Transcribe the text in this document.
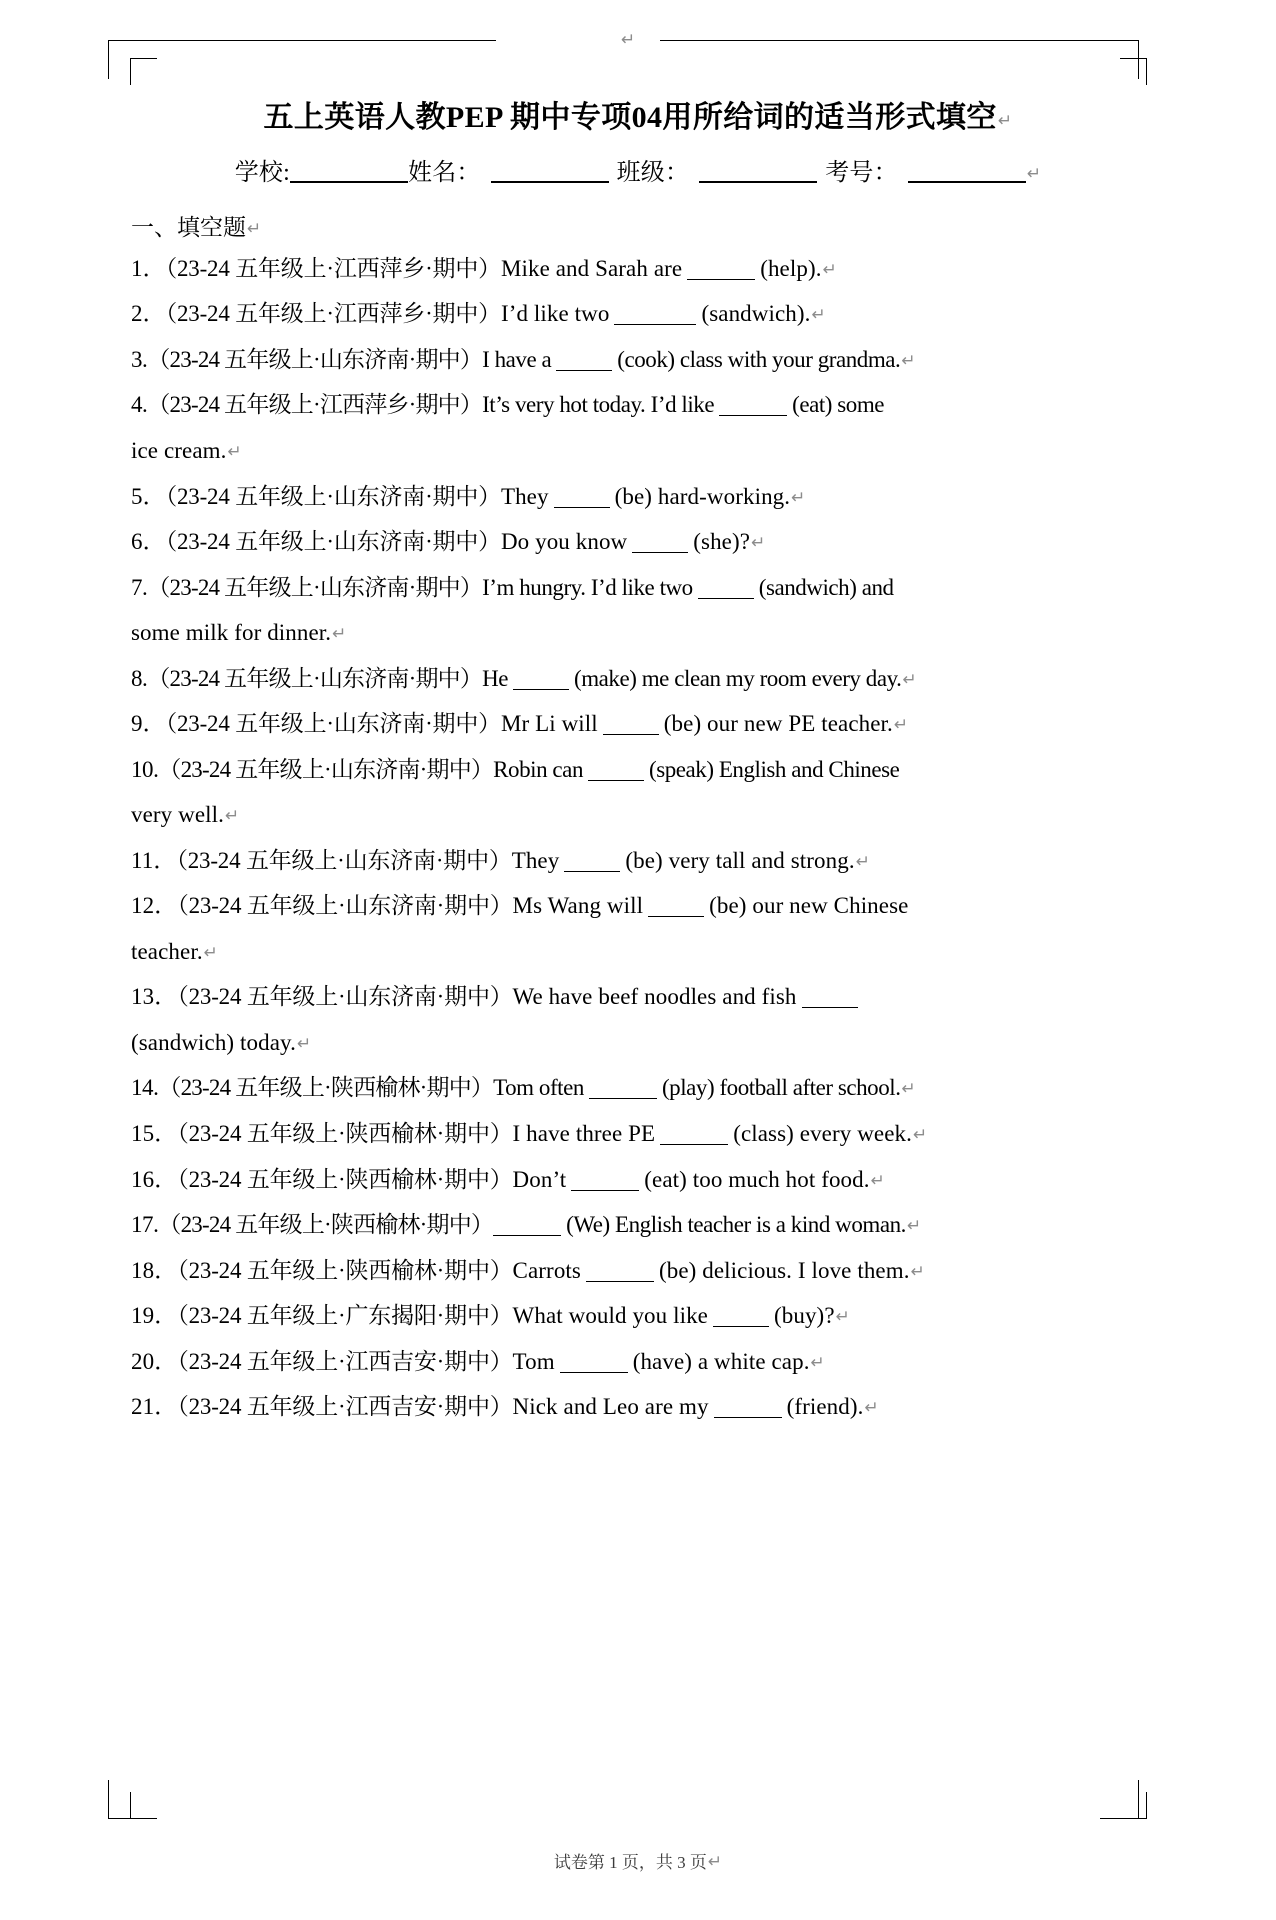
↵
五上英语人教PEP 期中专项04用所给词的适当形式填空↵
学校:	姓名：	班级：	考号：	↵
一、填空题↵
1．（23-24 五年级上·江西萍乡·期中）Mike and Sarah are	(help).↵
2．（23-24 五年级上·江西萍乡·期中）I’d like two	(sandwich).↵
3.（23-24 五年级上·山东济南·期中）I have a	(cook) class with your grandma.↵
4.（23-24 五年级上·江西萍乡·期中）It’s very hot today. I’d like	(eat) some
ice cream.↵
5．（23-24 五年级上·山东济南·期中）They	(be) hard-working.↵
6．（23-24 五年级上·山东济南·期中）Do you know	(she)?↵
7.（23-24 五年级上·山东济南·期中）I’m hungry. I’d like two	(sandwich) and
some milk for dinner.↵
8.（23-24 五年级上·山东济南·期中）He	(make) me clean my room every day.↵
9．（23-24 五年级上·山东济南·期中）Mr Li will	(be) our new PE teacher.↵
10.（23-24 五年级上·山东济南·期中）Robin can	(speak) English and Chinese
very well.↵
11．（23-24 五年级上·山东济南·期中）They	(be) very tall and strong.↵
12．（23-24 五年级上·山东济南·期中）Ms Wang will	(be) our new Chinese
teacher.↵
13．（23-24 五年级上·山东济南·期中）We have beef noodles and fish
(sandwich) today.↵
14.（23-24 五年级上·陕西榆林·期中）Tom often	(play) football after school.↵
15．（23-24 五年级上·陕西榆林·期中）I have three PE	(class) every week.↵
16．（23-24 五年级上·陕西榆林·期中）Don’t	(eat) too much hot food.↵
17.（23-24 五年级上·陕西榆林·期中）	(We) English teacher is a kind woman.↵
18．（23-24 五年级上·陕西榆林·期中）Carrots	(be) delicious. I love them.↵
19．（23-24 五年级上·广东揭阳·期中）What would you like	(buy)?↵
20．（23-24 五年级上·江西吉安·期中）Tom	(have) a white cap.↵
21．（23-24 五年级上·江西吉安·期中）Nick and Leo are my	(friend).↵
试卷第 1 页，共 3 页↵
